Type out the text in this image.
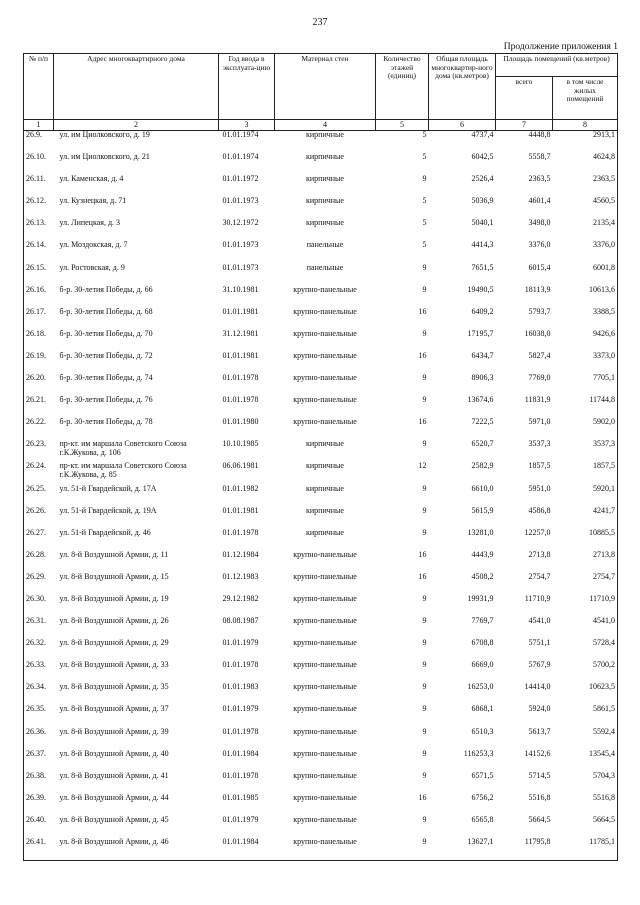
237
Продолжение приложения 1
№ п/п	Адрес многоквартирного дома	Год ввода в эксплуата-цию	Материал стен	Количество этажей (единиц)	Общая площадь многоквартир-ного дома (кв.метров)	Площадь помещений (кв.метров)	
						всего	в том числе жилых помещений
1	2	3	4	5	6	7	8
26.9.	ул. им Циолковского, д. 19	01.01.1974	кирпичные	5	4737,4	4448,8	2913,1
26.10.	ул. им Циолковского, д. 21	01.01.1974	кирпичные	5	6042,5	5558,7	4624,8
26.11.	ул. Каменская, д. 4	01.01.1972	кирпичные	9	2526,4	2363,5	2363,5
26.12.	ул. Кузнецкая, д. 71	01.01.1973	кирпичные	5	5036,9	4601,4	4560,5
26.13.	ул. Липецкая, д. 3	30.12.1972	кирпичные	5	5040,1	3498,0	2135,4
26.14.	ул. Моздокская, д. 7	01.01.1973	панельные	5	4414,3	3376,0	3376,0
26.15.	ул. Ростовская, д. 9	01.01.1973	панельные	9	7651,5	6015,4	6001,8
26.16.	б-р. 30-летия Победы, д. 66	31.10.1981	крупно-панельные	9	19490,5	18113,9	10613,6
26.17.	б-р. 30-летия Победы, д. 68	01.01.1981	крупно-панельные	16	6409,2	5793,7	3388,5
26.18.	б-р. 30-летия Победы, д. 70	31.12.1981	крупно-панельные	9	17195,7	16038,0	9426,6
26.19.	б-р. 30-летия Победы, д. 72	01.01.1981	крупно-панельные	16	6434,7	5827,4	3373,0
26.20.	б-р. 30-летия Победы, д. 74	01.01.1978	крупно-панельные	9	8906,3	7769,0	7705,1
26.21.	б-р. 30-летия Победы, д. 76	01.01.1978	крупно-панельные	9	13674,6	11831,9	11744,8
26.22.	б-р. 30-летия Победы, д. 78	01.01.1980	крупно-панельные	16	7222,5	5971,0	5902,0
26.23.	пр-кт. им маршала Советского Союза г.К.Жукова, д. 106	10.10.1985	кирпичные	9	6520,7	3537,3	3537,3
26.24.	пр-кт. им маршала Советского Союза г.К.Жукова, д. 85	06.06.1981	кирпичные	12	2582,9	1857,5	1857,5
26.25.	ул. 51-й Гвардейской, д. 17А	01.01.1982	кирпичные	9	6610,0	5951,0	5920,1
26.26.	ул. 51-й Гвардейской, д. 19А	01.01.1981	кирпичные	9	5615,9	4586,8	4241,7
26.27.	ул. 51-й Гвардейской, д. 46	01.01.1978	кирпичные	9	13281,0	12257,0	10885,5
26.28.	ул. 8-й Воздушной Армии, д. 11	01.12.1984	крупно-панельные	16	4443,9	2713,8	2713,8
26.29.	ул. 8-й Воздушной Армии, д. 15	01.12.1983	крупно-панельные	16	4508,2	2754,7	2754,7
26.30.	ул. 8-й Воздушной Армии, д. 19	29.12.1982	крупно-панельные	9	19931,9	11710,9	11710,9
26.31.	ул. 8-й Воздушной Армии, д. 26	08.08.1987	крупно-панельные	9	7769,7	4541,0	4541,0
26.32.	ул. 8-й Воздушной Армии, д. 29	01.01.1979	крупно-панельные	9	6708,8	5751,1	5728,4
26.33.	ул. 8-й Воздушной Армии, д. 33	01.01.1978	крупно-панельные	9	6669,0	5767,9	5700,2
26.34.	ул. 8-й Воздушной Армии, д. 35	01.01.1983	крупно-панельные	9	16253,0	14414,0	10623,5
26.35.	ул. 8-й Воздушной Армии, д. 37	01.01.1979	крупно-панельные	9	6868,1	5924,0	5861,5
26.36.	ул. 8-й Воздушной Армии, д. 39	01.01.1978	крупно-панельные	9	6510,3	5613,7	5592,4
26.37.	ул. 8-й Воздушной Армии, д. 40	01.01.1984	крупно-панельные	9	116253,3	14152,6	13545,4
26.38.	ул. 8-й Воздушной Армии, д. 41	01.01.1978	крупно-панельные	9	6571,5	5714,5	5704,3
26.39.	ул. 8-й Воздушной Армии, д. 44	01.01.1985	крупно-панельные	16	6756,2	5516,8	5516,8
26.40.	ул. 8-й Воздушной Армии, д. 45	01.01.1979	крупно-панельные	9	6565,8	5664,5	5664,5
26.41.	ул. 8-й Воздушной Армии, д. 46	01.01.1984	крупно-панельные	9	13627,1	11795,8	11785,1
